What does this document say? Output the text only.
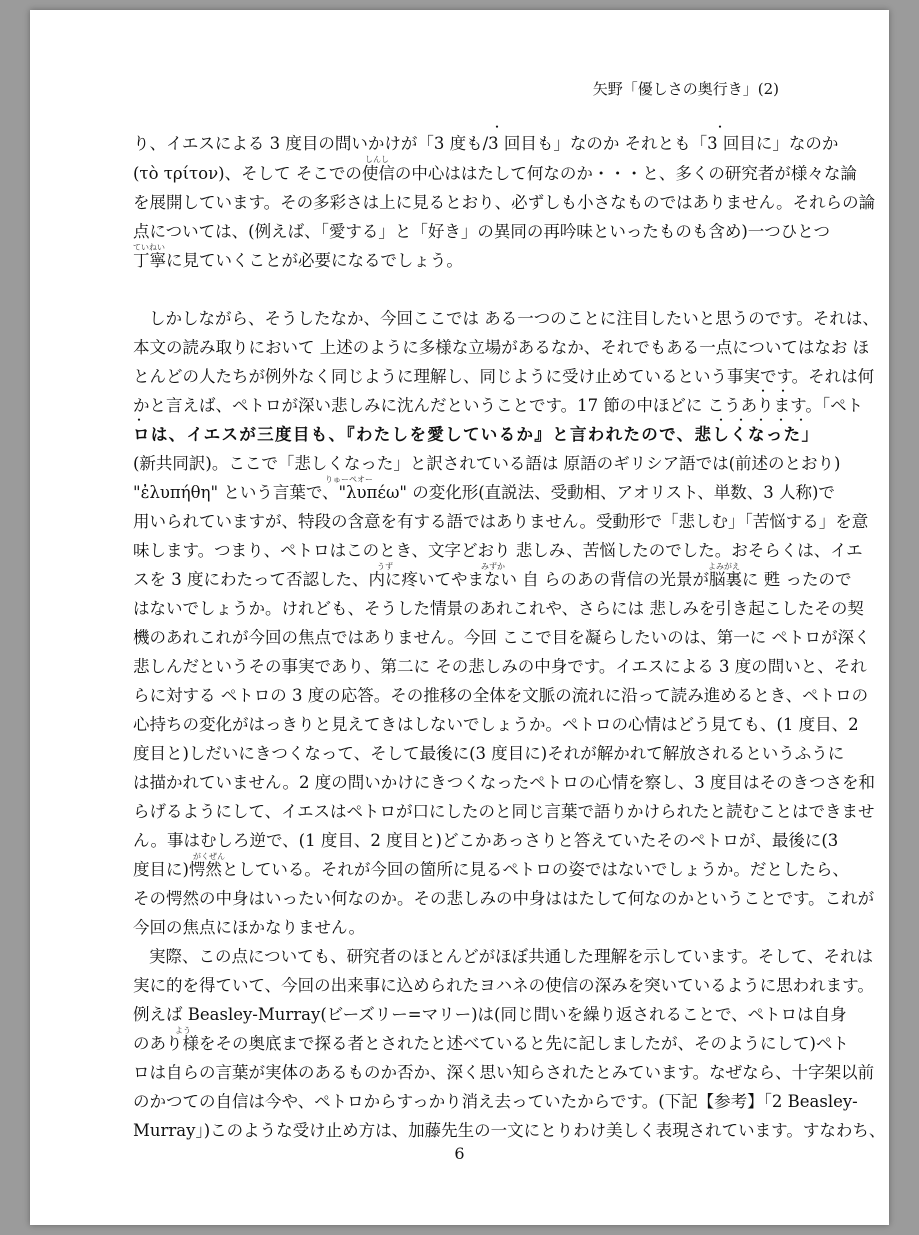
矢野「優しさの奥行き」(2)
り、イエスによる 3 度目の問いかけが「3 度も/3 回目も」なのか それとも「3 回目に」なのか
・	・
しんし
(τὸ τρίτον)、そして そこでの使信の中心ははたして何なのか・・・と、多くの研究者が様々な論
を展開しています。その多彩さは上に見るとおり、必ずしも小さなものではありません。それらの論
点については、(例えば、「愛する」と「好き」の異同の再吟味といったものも含め)一つひとつ
ていねい
丁寧に見ていくことが必要になるでしょう。
しかしながら、そうしたなか、今回ここでは ある一つのことに注目したいと思うのです。それは、
本文の読み取りにおいて 上述のように多様な立場があるなか、それでもある一点についてはなお ほ
とんどの人たちが例外なく同じように理解し、同じように受け止めているという事実です。それは何
かと言えば、ペトロが深い悲しみに沈んだということです。17 節の中ほどに こうあります。「ペト
・・
ロは、イエスが三度目も、『わたしを愛しているか』と言われたので、悲しくなった」
・	・・・・・
(新共同訳)。ここで「悲しくなった」と訳されている語は 原語のギリシア語では(前述のとおり)
りゅーペオー
"ἐλυπήθη" という言葉で、"λυπέω" の変化形(直説法、受動相、アオリスト、単数、3 人称)で
用いられていますが、特段の含意を有する語ではありません。受動形で「悲しむ」「苦悩する」を意
味します。つまり、ペトロはこのとき、文字どおり 悲しみ、苦悩したのでした。おそらくは、イエ
うず	みずか	よみがえ
スを 3 度にわたって否認した、内に疼いてやまない 自 らのあの背信の光景が脳裏に 甦 ったので
はないでしょうか。けれども、そうした情景のあれこれや、さらには 悲しみを引き起こしたその契
機のあれこれが今回の焦点ではありません。今回 ここで目を凝らしたいのは、第一に ペトロが深く
悲しんだというその事実であり、第二に その悲しみの中身です。イエスによる 3 度の問いと、それ
らに対する ペトロの 3 度の応答。その推移の全体を文脈の流れに沿って読み進めるとき、ペトロの
心持ちの変化がはっきりと見えてきはしないでしょうか。ペトロの心情はどう見ても、(1 度目、2
度目と)しだいにきつくなって、そして最後に(3 度目に)それが解かれて解放されるというふうに
は描かれていません。2 度の問いかけにきつくなったペトロの心情を察し、3 度目はそのきつさを和
らげるようにして、イエスはペトロが口にしたのと同じ言葉で語りかけられたと読むことはできませ
ん。事はむしろ逆で、(1 度目、2 度目と)どこかあっさりと答えていたそのペトロが、最後に(3
がくぜん
度目に)愕然としている。それが今回の箇所に見るペトロの姿ではないでしょうか。だとしたら、
その愕然の中身はいったい何なのか。その悲しみの中身ははたして何なのかということです。これが
今回の焦点にほかなりません。
実際、この点についても、研究者のほとんどがほぼ共通した理解を示しています。そして、それは
実に的を得ていて、今回の出来事に込められたヨハネの使信の深みを突いているように思われます。
例えば Beasley-Murray(ビーズリー=マリー)は(同じ問いを繰り返されることで、ペトロは自身
よう
のあり様をその奥底まで探る者とされたと述べていると先に記しましたが、そのようにして)ペト
ロは自らの言葉が実体のあるものか否か、深く思い知らされたとみています。なぜなら、十字架以前
のかつての自信は今や、ペトロからすっかり消え去っていたからです。(下記【参考】「2 Beasley-
Murray」)このような受け止め方は、加藤先生の一文にとりわけ美しく表現されています。すなわち、
6
